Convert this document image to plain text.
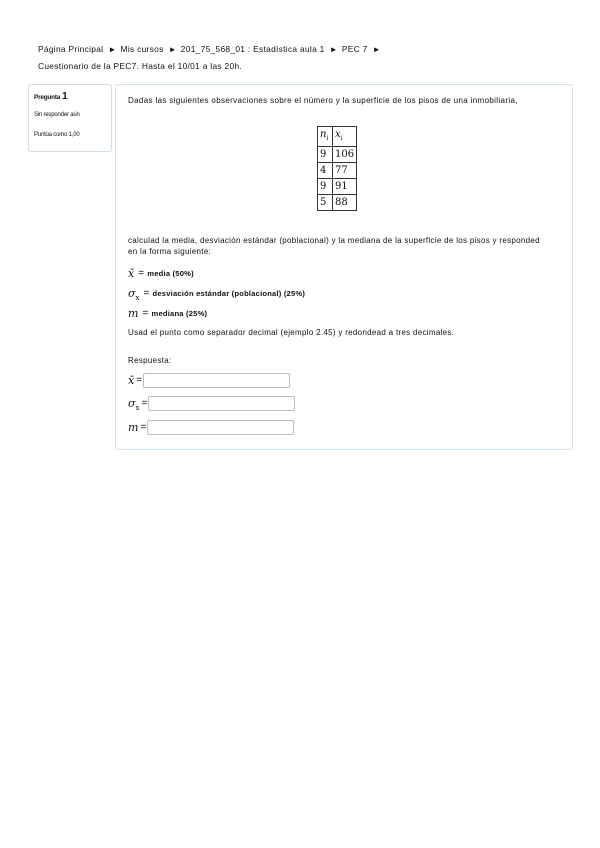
Página Principal ► Mis cursos ► 201_75_568_01 : Estadística aula 1 ► PEC 7 ►
Cuestionario de la PEC7. Hasta el 10/01 a las 20h.
Pregunta 1
Sin responder aún
Puntúa como 1,00
Dadas las siguientes observaciones sobre el número y la superficie de los pisos de una inmobiliaria,
$n_i$	$x_i$
9	106
4	77
9	91
5	88
calculad la media, desviación estándar (poblacional) y la mediana de la superficie de los pisos y responded en la forma siguiente:
x̄ =
media (50%)
$\sigma_x$ =
desviación estándar (poblacional) (25%)
m =
mediana (25%)
Usad el punto como separador decimal (ejemplo 2.45) y redondead a tres decimales.
Respuesta:
x̄ =
$\sigma_x$ =
m =
